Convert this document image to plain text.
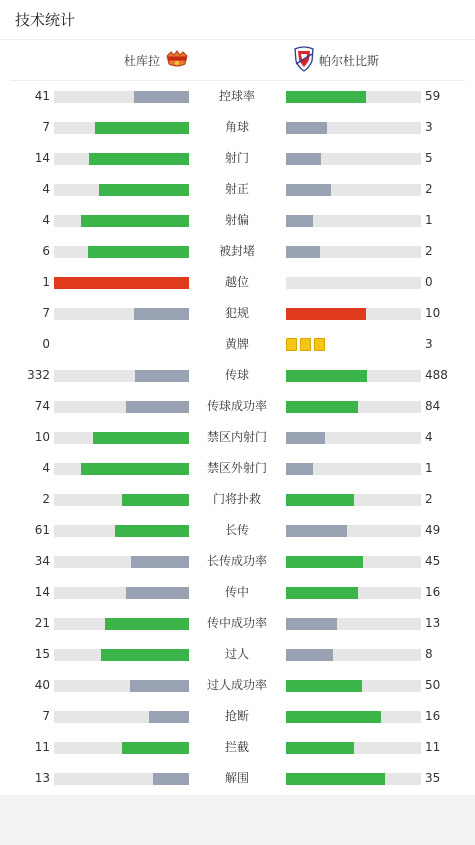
技术统计
杜库拉	帕尔杜比斯
41	控球率	59
7	角球	3
14	射门	5
4	射正	2
4	射偏	1
6	被封堵	2
1	越位	0
7	犯规	10
0	黄牌	3
332	传球	488
74	传球成功率	84
10	禁区内射门	4
4	禁区外射门	1
2	门将扑救	2
61	长传	49
34	长传成功率	45
14	传中	16
21	传中成功率	13
15	过人	8
40	过人成功率	50
7	抢断	16
11	拦截	11
13	解围	35
